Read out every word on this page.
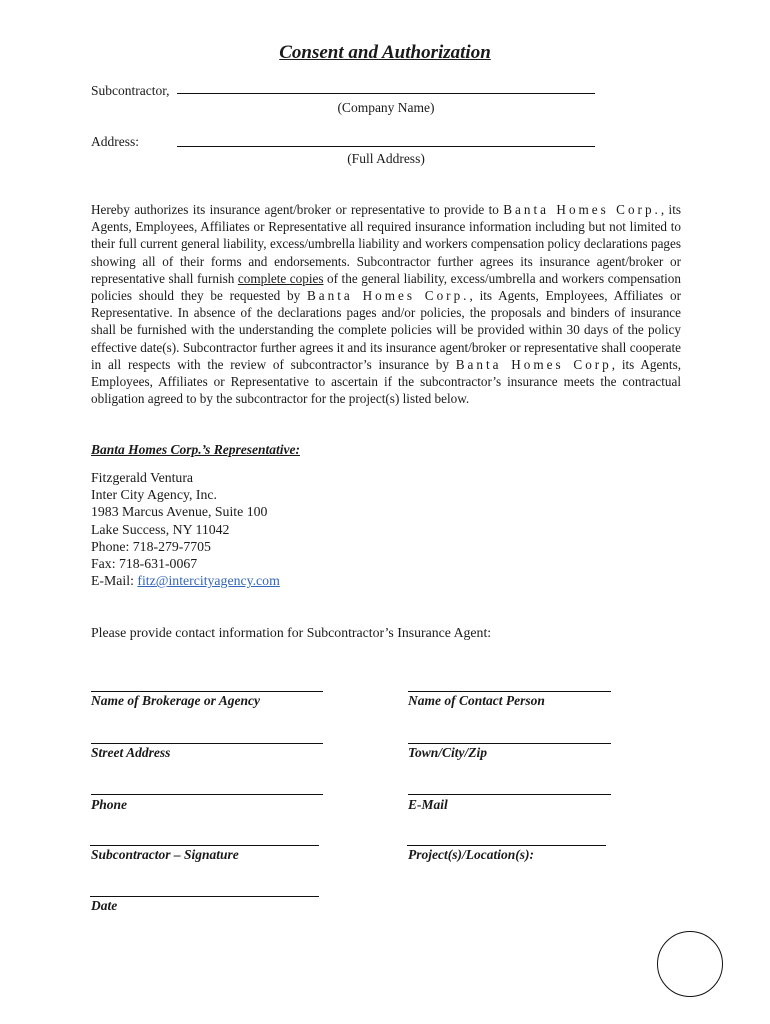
Consent and Authorization
Subcontractor,
(Company Name)
Address:
(Full Address)
Hereby authorizes its insurance agent/broker or representative to provide to Banta Homes Corp., its Agents, Employees, Affiliates or Representative all required insurance information including but not limited to their full current general liability, excess/umbrella liability and workers compensation policy declarations pages showing all of their forms and endorsements. Subcontractor further agrees its insurance agent/broker or representative shall furnish complete copies of the general liability, excess/umbrella and workers compensation policies should they be requested by Banta Homes Corp., its Agents, Employees, Affiliates or Representative. In absence of the declarations pages and/or policies, the proposals and binders of insurance shall be furnished with the understanding the complete policies will be provided within 30 days of the policy effective date(s). Subcontractor further agrees it and its insurance agent/broker or representative shall cooperate in all respects with the review of subcontractor’s insurance by Banta Homes Corp, its Agents, Employees, Affiliates or Representative to ascertain if the subcontractor’s insurance meets the contractual obligation agreed to by the subcontractor for the project(s) listed below.
Banta Homes Corp.’s Representative:
Fitzgerald Ventura
Inter City Agency, Inc.
1983 Marcus Avenue, Suite 100
Lake Success, NY 11042
Phone: 718-279-7705
Fax: 718-631-0067
E-Mail: fitz@intercityagency.com
Please provide contact information for Subcontractor’s Insurance Agent:
Name of Brokerage or Agency	Name of Contact Person
Street Address	Town/City/Zip
Phone	E-Mail
Subcontractor – Signature	Project(s)/Location(s):
Date
